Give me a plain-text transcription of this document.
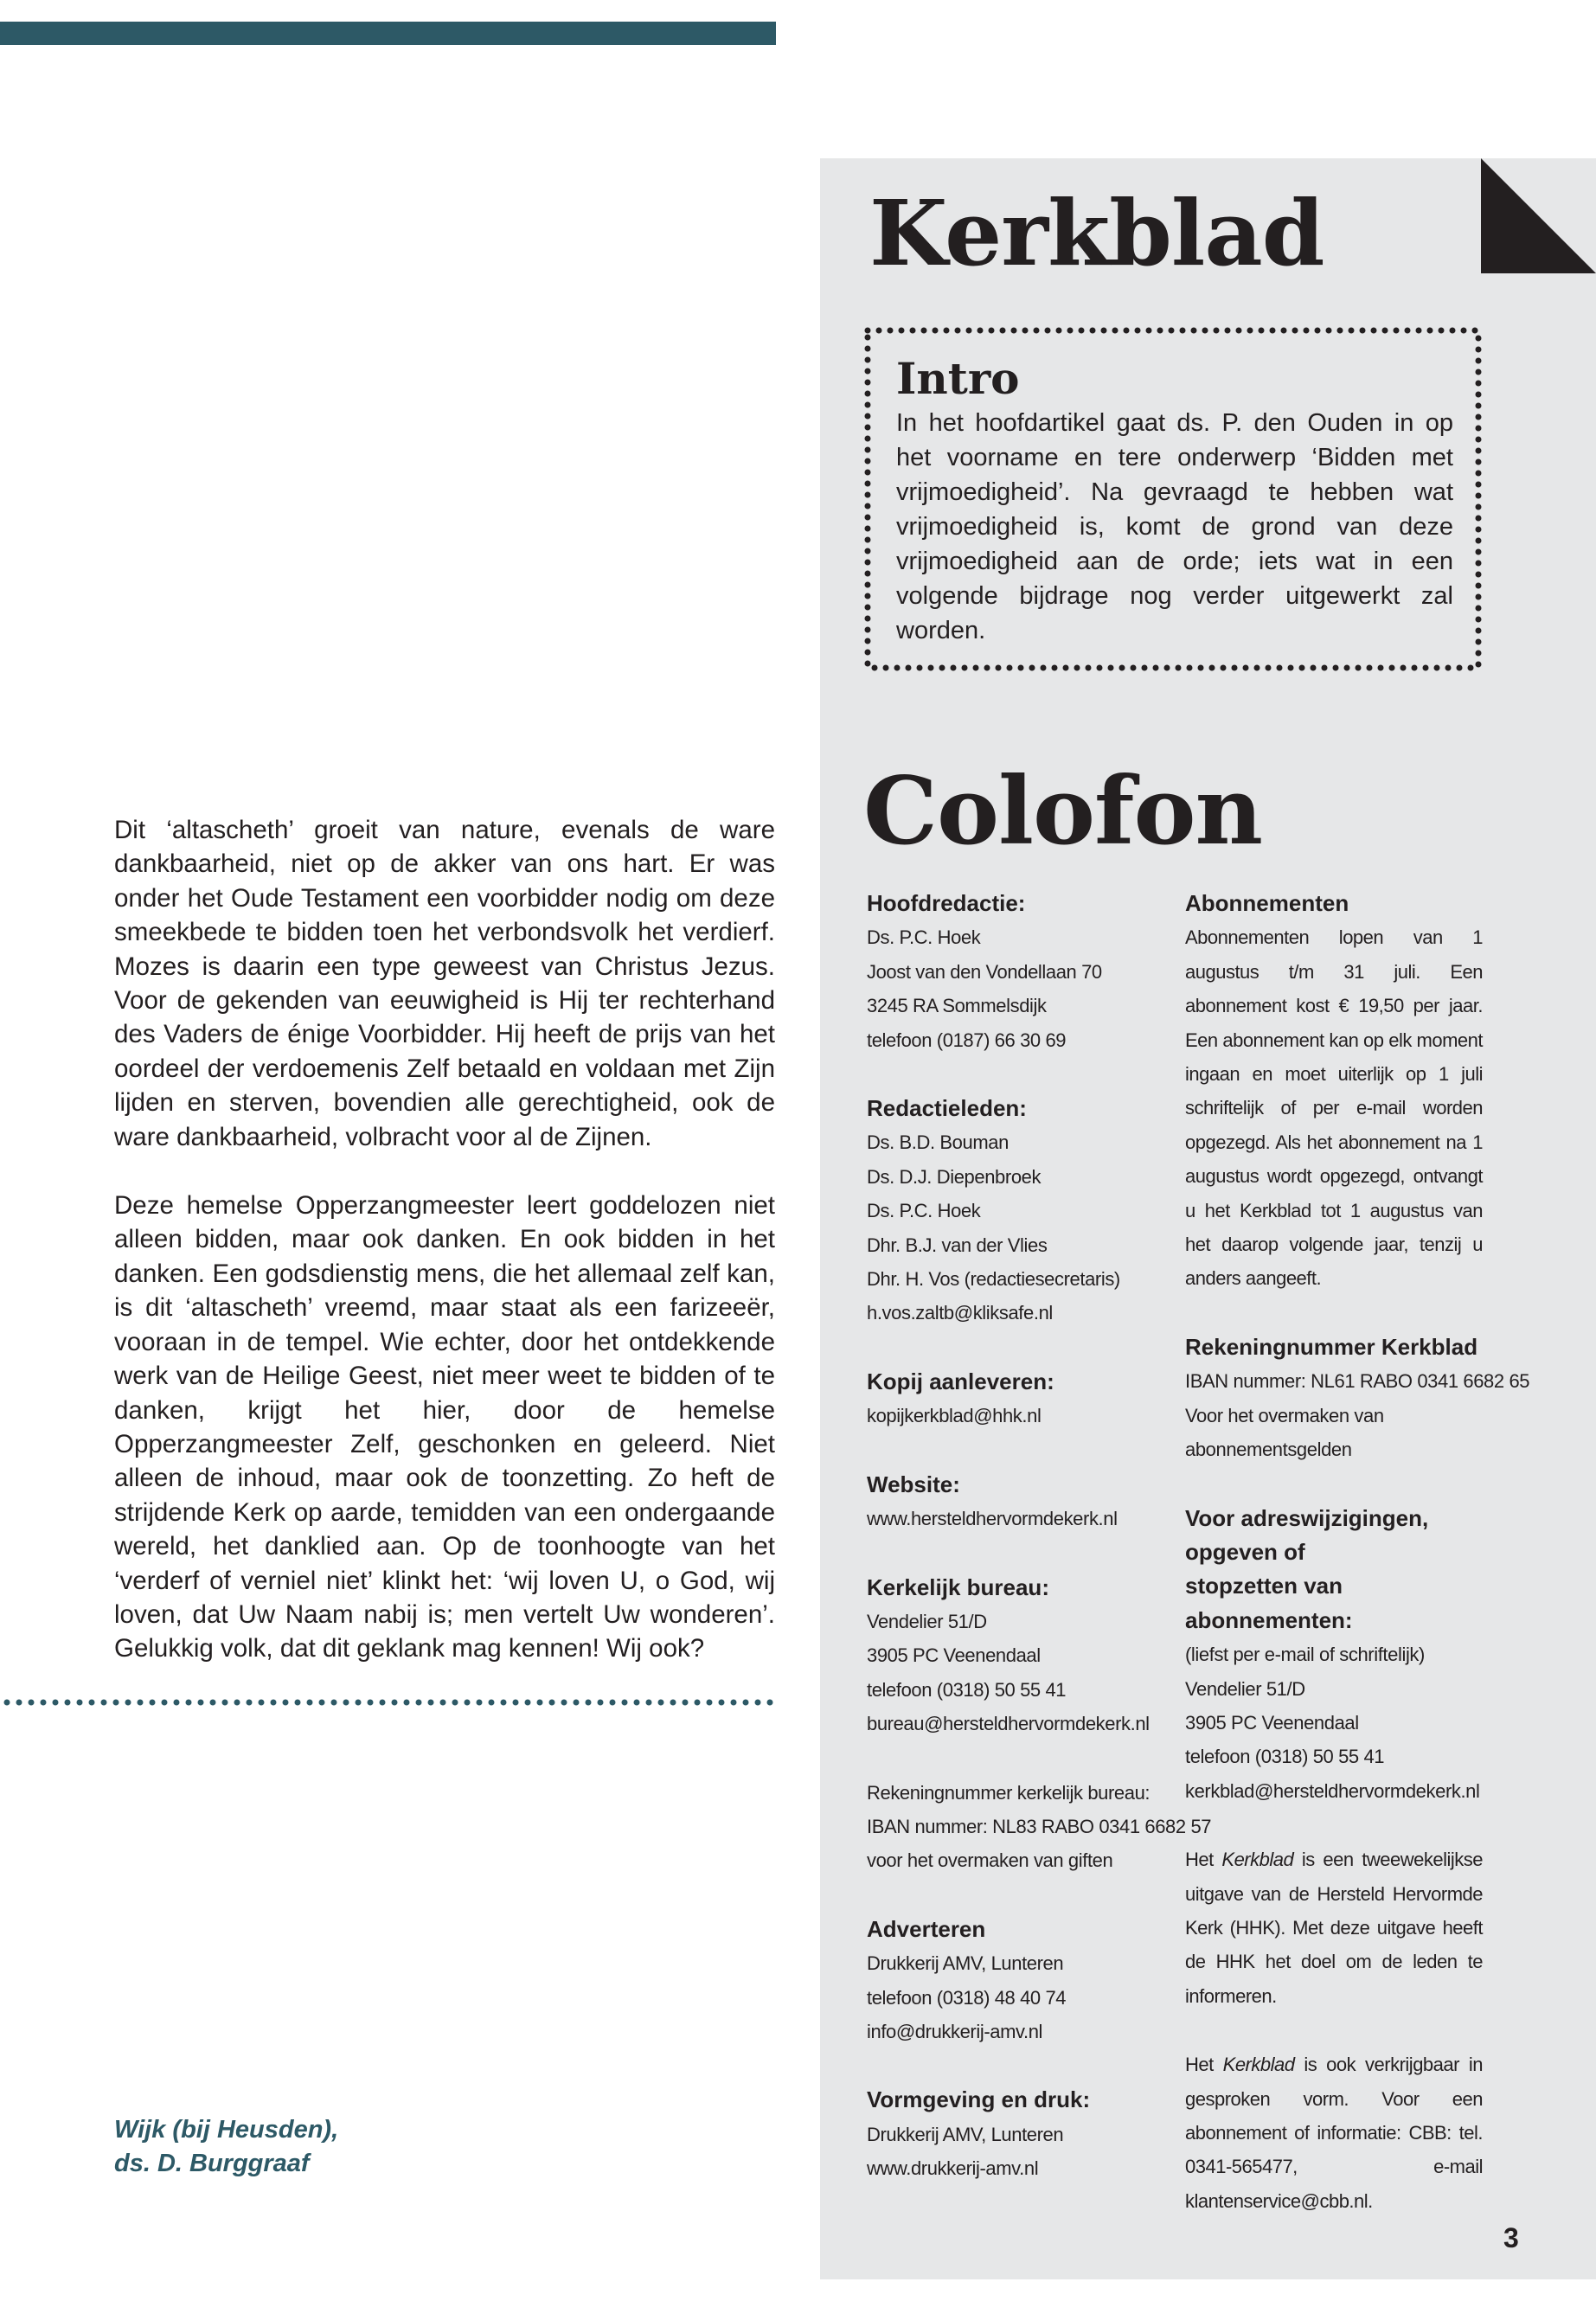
Kerkblad
Intro

In het hoofdartikel gaat ds. P. den Ouden in op het voorname en tere onderwerp ‘Bidden met vrijmoedigheid’. Na gevraagd te hebben wat vrijmoedigheid is, komt de grond van deze vrijmoedigheid aan de orde; iets wat in een volgende bijdrage nog verder uitgewerkt zal worden.

Dit ‘altascheth’ groeit van nature, evenals de ware dankbaarheid, niet op de akker van ons hart. Er was onder het Oude Testament een voorbidder nodig om deze smeekbede te bidden toen het verbondsvolk het verdierf. Mozes is daarin een type geweest van Christus Jezus. Voor de gekenden van eeuwigheid is Hij ter rechterhand des Vaders de énige Voorbidder. Hij heeft de prijs van het oordeel der verdoemenis Zelf betaald en voldaan met Zijn lijden en sterven, bovendien alle gerechtigheid, ook de ware dankbaarheid, volbracht voor al de Zijnen.

Deze hemelse Opperzangmeester leert goddelozen niet alleen bidden, maar ook danken. En ook bidden in het danken. Een godsdienstig mens, die het allemaal zelf kan, is dit ‘altascheth’ vreemd, maar staat als een farizeeër, vooraan in de tempel. Wie echter, door het ontdekkende werk van de Heilige Geest, niet meer weet te bidden of te danken, krijgt het hier, door de hemelse Opperzangmeester Zelf, geschonken en geleerd. Niet alleen de inhoud, maar ook de toonzetting. Zo heft de strijdende Kerk op aarde, temidden van een ondergaande wereld, het danklied aan. Op de toonhoogte van het ‘verderf of verniel niet’ klinkt het: ‘wij loven U, o God, wij loven, dat Uw Naam nabij is; men vertelt Uw wonderen’. Gelukkig volk, dat dit geklank mag kennen! Wij ook?

Wijk (bij Heusden),
ds. D. Burggraaf
Colofon
Hoofdredactie:
Ds. P.C. Hoek
Joost van den Vondellaan 70
3245 RA Sommelsdijk
telefoon (0187) 66 30 69
Redactieleden:
Ds. B.D. Bouman
Ds. D.J. Diepenbroek
Ds. P.C. Hoek
Dhr. B.J. van der Vlies
Dhr. H. Vos (redactiesecretaris)
h.vos.zaltb@kliksafe.nl
Kopij aanleveren:
kopijkerkblad@hhk.nl
Website:
www.hersteldhervormdekerk.nl
Kerkelijk bureau:
Vendelier 51/D
3905 PC Veenendaal
telefoon (0318) 50 55 41
bureau@hersteldhervormdekerk.nl
Rekeningnummer kerkelijk bureau:
IBAN nummer: NL83 RABO 0341 6682 57
voor het overmaken van giften
Adverteren
Drukkerij AMV, Lunteren
telefoon (0318) 48 40 74
info@drukkerij-amv.nl
Vormgeving en druk:
Drukkerij AMV, Lunteren
www.drukkerij-amv.nl
Abonnementen

Abonnementen lopen van 1 augustus t/m 31 juli. Een abonnement kost € 19,50 per jaar. Een abonnement kan op elk moment ingaan en moet uiterlijk op 1 juli schriftelijk of per e-mail worden opgezegd. Als het abonnement na 1 augustus wordt opgezegd, ontvangt u het Kerkblad tot 1 augustus van het daarop volgende jaar, tenzij u anders aangeeft.

Rekeningnummer Kerkblad
IBAN nummer: NL61 RABO 0341 6682 65
Voor het overmaken van
abonnementsgelden
Voor adreswijzigingen,
opgeven of
stopzetten van
abonnementen:
(liefst per e-mail of schriftelijk)
Vendelier 51/D
3905 PC Veenendaal
telefoon (0318) 50 55 41
kerkblad@hersteldhervormdekerk.nl

Het Kerkblad is een tweewekelijkse uitgave van de Hersteld Hervormde Kerk (HHK). Met deze uitgave heeft de HHK het doel om de leden te informeren.

Het Kerkblad is ook verkrijgbaar in gesproken vorm. Voor een abonnement of informatie: CBB: tel. 0341-565477, e-mail klantenservice@cbb.nl.

3
